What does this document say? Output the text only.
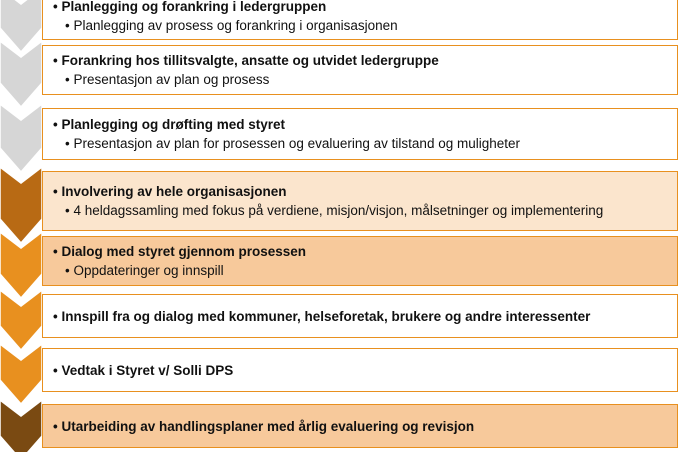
• Planlegging og forankring i ledergruppen
• Planlegging av prosess og forankring i organisasjonen
• Forankring hos tillitsvalgte, ansatte og utvidet ledergruppe
• Presentasjon av plan og prosess
• Planlegging og drøfting med styret
• Presentasjon av plan for prosessen og evaluering av tilstand og muligheter
• Involvering av hele organisasjonen
• 4 heldagssamling med fokus på verdiene, misjon/visjon, målsetninger og implementering
• Dialog med styret gjennom prosessen
• Oppdateringer og innspill
• Innspill fra og dialog med kommuner, helseforetak, brukere og andre interessenter
• Vedtak i Styret v/ Solli DPS
• Utarbeiding av handlingsplaner med årlig evaluering og revisjon
